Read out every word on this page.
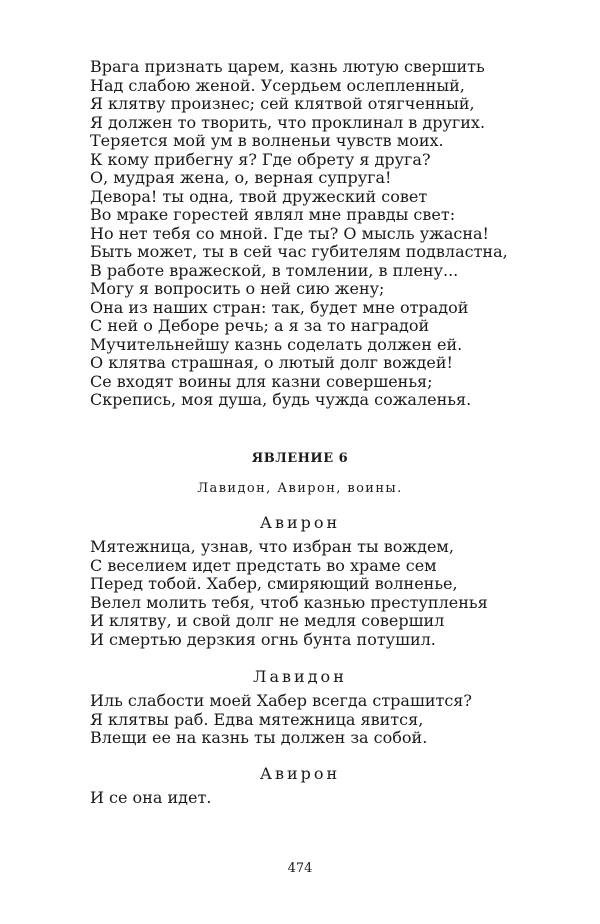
Врага признать царем, казнь лютую свершить
Над слабою женой. Усердьем ослепленный,
Я клятву произнес; сей клятвой отягченный,
Я должен то творить, что проклинал в других.
Теряется мой ум в волненьи чувств моих.
К кому прибегну я? Где обрету я друга?
О, мудрая жена, о, верная супруга!
Девора! ты одна, твой дружеский совет
Во мраке горестей являл мне правды свет:
Но нет тебя со мной. Где ты? О мысль ужасна!
Быть может, ты в сей час губителям подвластна,
В работе вражеской, в томлении, в плену...
Могу я вопросить о ней сию жену;
Она из наших стран: так, будет мне отрадой
С ней о Деборе речь; а я за то наградой
Мучительнейшу казнь соделать должен ей.
О клятва страшная, о лютый долг вождей!
Се входят воины для казни совершенья;
Скрепись, моя душа, будь чужда сожаленья.
ЯВЛЕНИЕ 6
Лавидон, Авирон, воины.
Авирон
Мятежница, узнав, что избран ты вождем,
С веселием идет предстать во храме сем
Перед тобой. Хабер, смиряющий волненье,
Велел молить тебя, чтоб казнью преступленья
И клятву, и свой долг не медля совершил
И смертью дерзкия огнь бунта потушил.
Лавидон
Иль слабости моей Хабер всегда страшится?
Я клятвы раб. Едва мятежница явится,
Влещи ее на казнь ты должен за собой.
Авирон
И се она идет.
474
